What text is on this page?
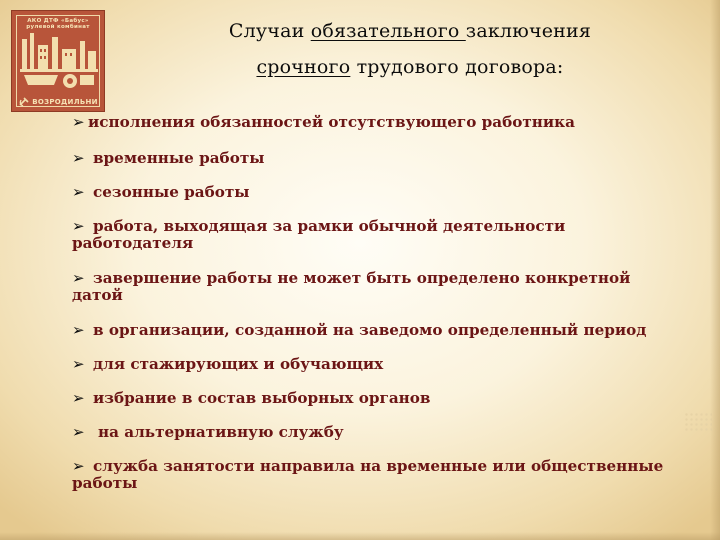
АКО ДТФ «Бабус»
рулевой комбинат
ВОЗРОДИЛЬНИ
Случаи обязательного заключения
срочного трудового договора:
➢ исполнения обязанностей отсутствующего работника
➢ временные работы
➢ сезонные работы
➢ работа, выходящая за рамки обычной деятельности работодателя
➢ завершение работы не может быть определено конкретной датой
➢ в организации, созданной на заведомо определенный период
➢ для стажирующих и обучающих
➢ избрание в состав выборных органов
➢ на альтернативную службу
➢ служба занятости направила на временные или общественные работы
